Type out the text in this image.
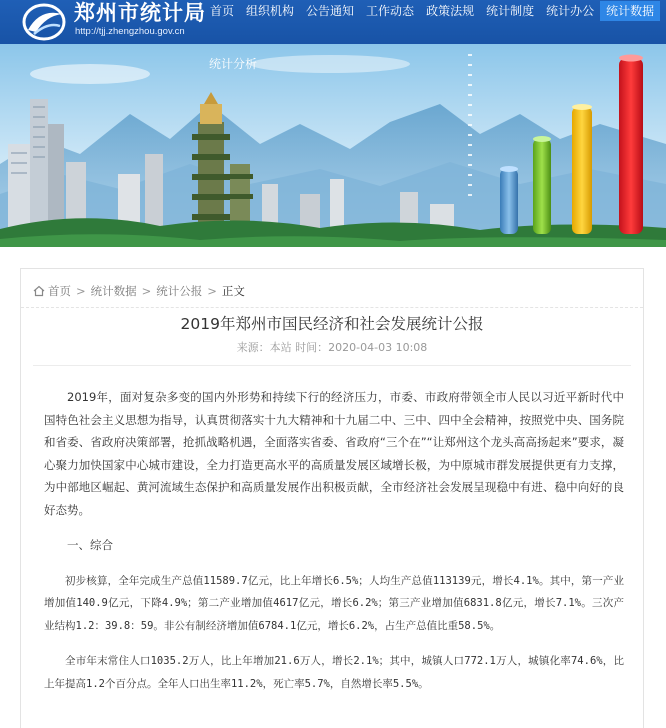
郑州市统计局
http://tjj.zhengzhou.gov.cn
首页	组织机构	公告通知	工作动态	政策法规	统计制度	统计办公	统计数据
统计分析
首页 > 统计数据 > 统计公报 > 正文
2019年郑州市国民经济和社会发展统计公报
来源：本站 时间：2020-04-03 10:08

2019年，面对复杂多变的国内外形势和持续下行的经济压力，市委、市政府带领全市人民以习近平新时代中国特色社会主义思想为指导，认真贯彻落实十九大精神和十九届二中、三中、四中全会精神，按照党中央、国务院和省委、省政府决策部署，抢抓战略机遇，全面落实省委、省政府“三个在”“让郑州这个龙头高高扬起来”要求，凝心聚力加快国家中心城市建设，全力打造更高水平的高质量发展区域增长极，为中原城市群发展提供更有力支撑，为中部地区崛起、黄河流域生态保护和高质量发展作出积极贡献，全市经济社会发展呈现稳中有进、稳中向好的良好态势。

一、综合

初步核算，全年完成生产总值11589.7亿元，比上年增长6.5%；人均生产总值113139元，增长4.1%。其中，第一产业增加值140.9亿元，下降4.9%；第二产业增加值4617亿元，增长6.2%；第三产业增加值6831.8亿元，增长7.1%。三次产业结构1.2：39.8：59。非公有制经济增加值6784.1亿元，增长6.2%，占生产总值比重58.5%。

全市年末常住人口1035.2万人，比上年增加21.6万人，增长2.1%；其中，城镇人口772.1万人，城镇化率74.6%，比上年提高1.2个百分点。全年人口出生率11.2%，死亡率5.7%，自然增长率5.5%。
